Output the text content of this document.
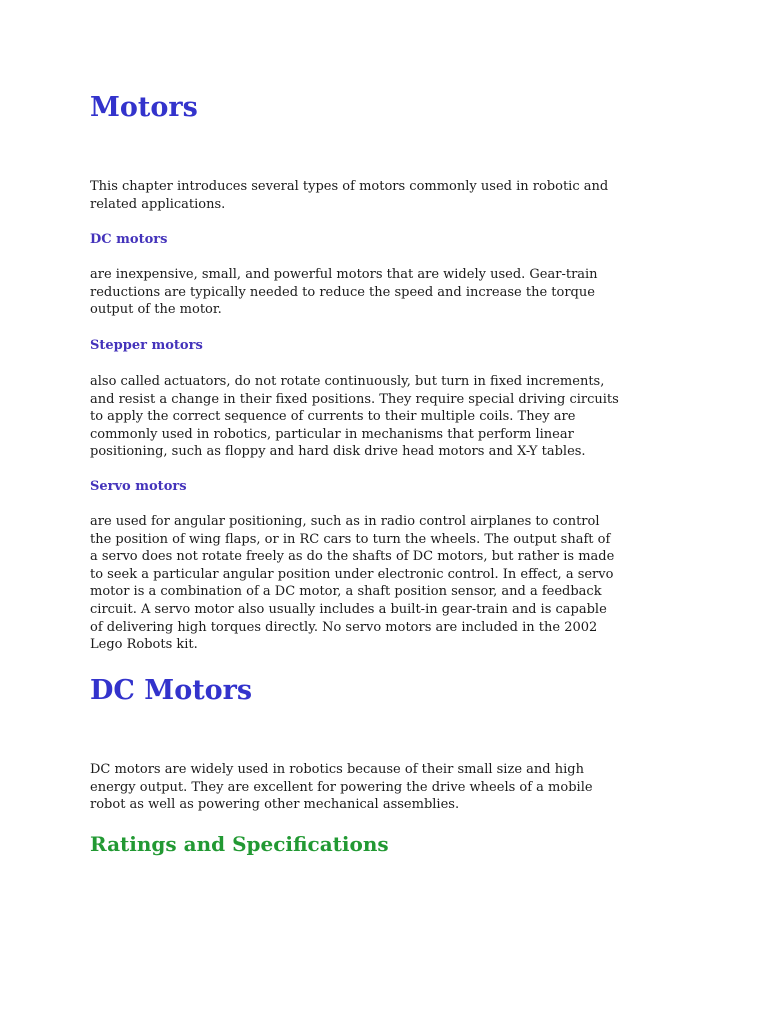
Motors

This chapter introduces several types of motors commonly used in robotic and
related applications.

DC motors

are inexpensive, small, and powerful motors that are widely used. Gear-train
reductions are typically needed to reduce the speed and increase the torque
output of the motor.

Stepper motors

also called actuators, do not rotate continuously, but turn in fixed increments,
and resist a change in their fixed positions. They require special driving circuits
to apply the correct sequence of currents to their multiple coils. They are
commonly used in robotics, particular in mechanisms that perform linear
positioning, such as floppy and hard disk drive head motors and X-Y tables.

Servo motors

are used for angular positioning, such as in radio control airplanes to control
the position of wing flaps, or in RC cars to turn the wheels. The output shaft of
a servo does not rotate freely as do the shafts of DC motors, but rather is made
to seek a particular angular position under electronic control. In effect, a servo
motor is a combination of a DC motor, a shaft position sensor, and a feedback
circuit. A servo motor also usually includes a built-in gear-train and is capable
of delivering high torques directly. No servo motors are included in the 2002
Lego Robots kit.

DC Motors

DC motors are widely used in robotics because of their small size and high
energy output. They are excellent for powering the drive wheels of a mobile
robot as well as powering other mechanical assemblies.

Ratings and Specifications
